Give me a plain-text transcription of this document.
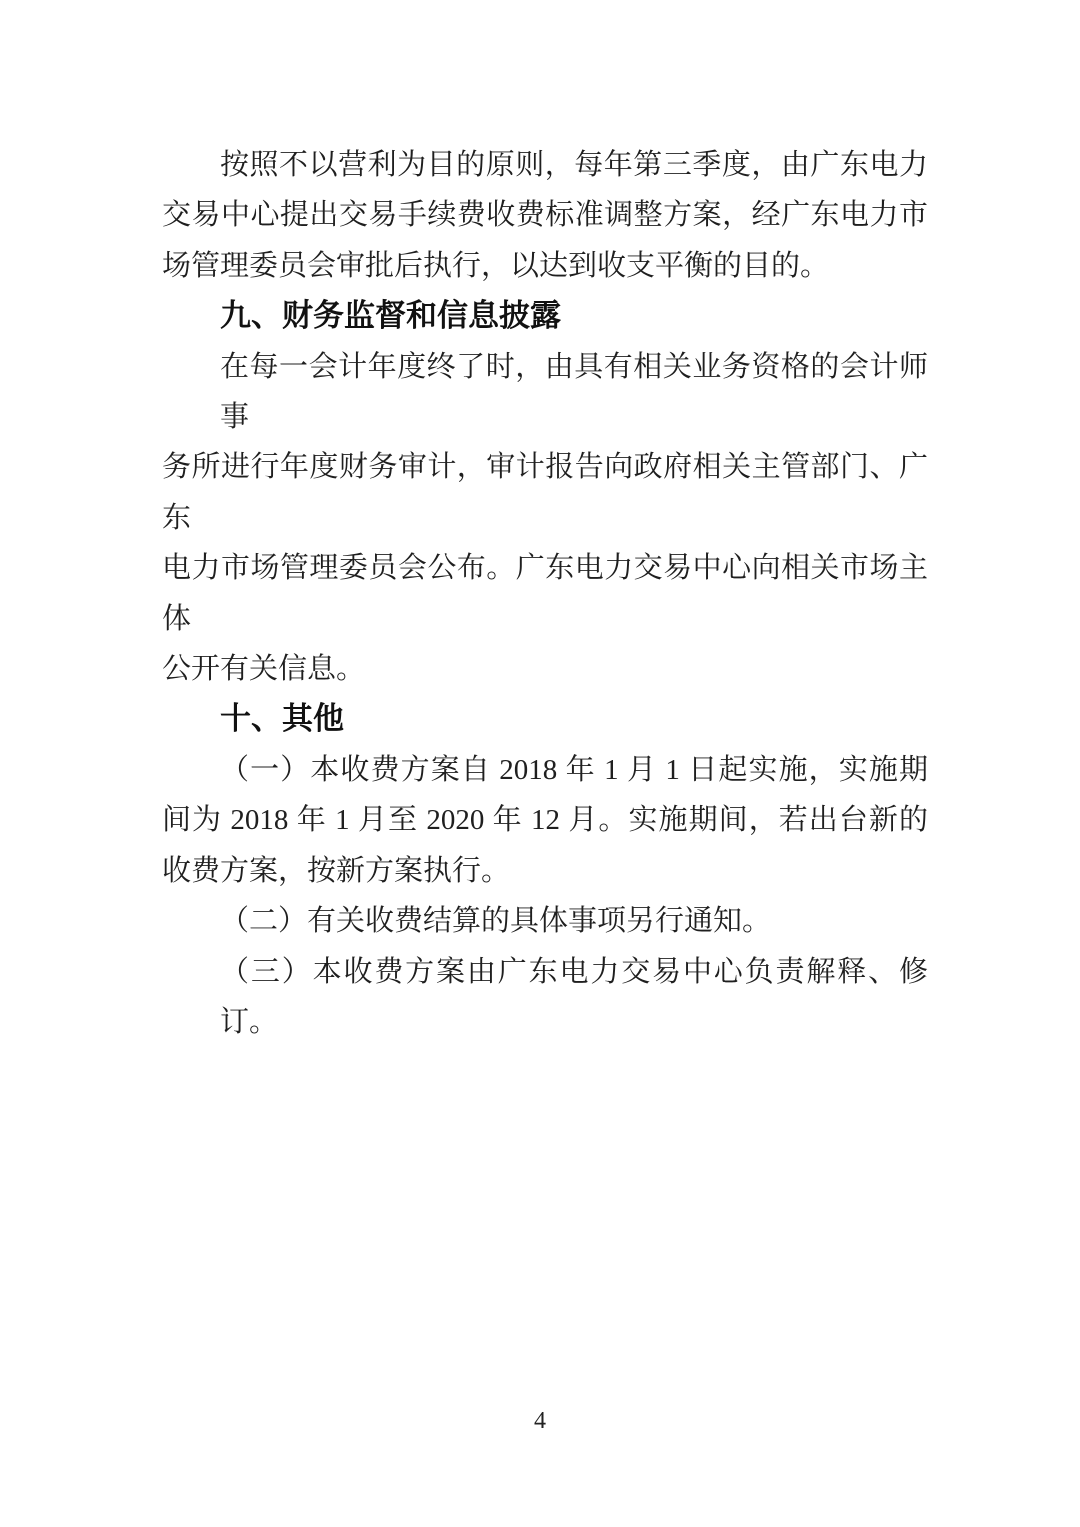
按照不以营利为目的原则，每年第三季度，由广东电力
交易中心提出交易手续费收费标准调整方案，经广东电力市
场管理委员会审批后执行，以达到收支平衡的目的。
九、财务监督和信息披露
在每一会计年度终了时，由具有相关业务资格的会计师事
务所进行年度财务审计，审计报告向政府相关主管部门、广东
电力市场管理委员会公布。广东电力交易中心向相关市场主体
公开有关信息。
十、其他
（一）本收费方案自 2018 年 1 月 1 日起实施，实施期
间为 2018 年 1 月至 2020 年 12 月。实施期间，若出台新的
收费方案，按新方案执行。
（二）有关收费结算的具体事项另行通知。
（三）本收费方案由广东电力交易中心负责解释、修订。
4
